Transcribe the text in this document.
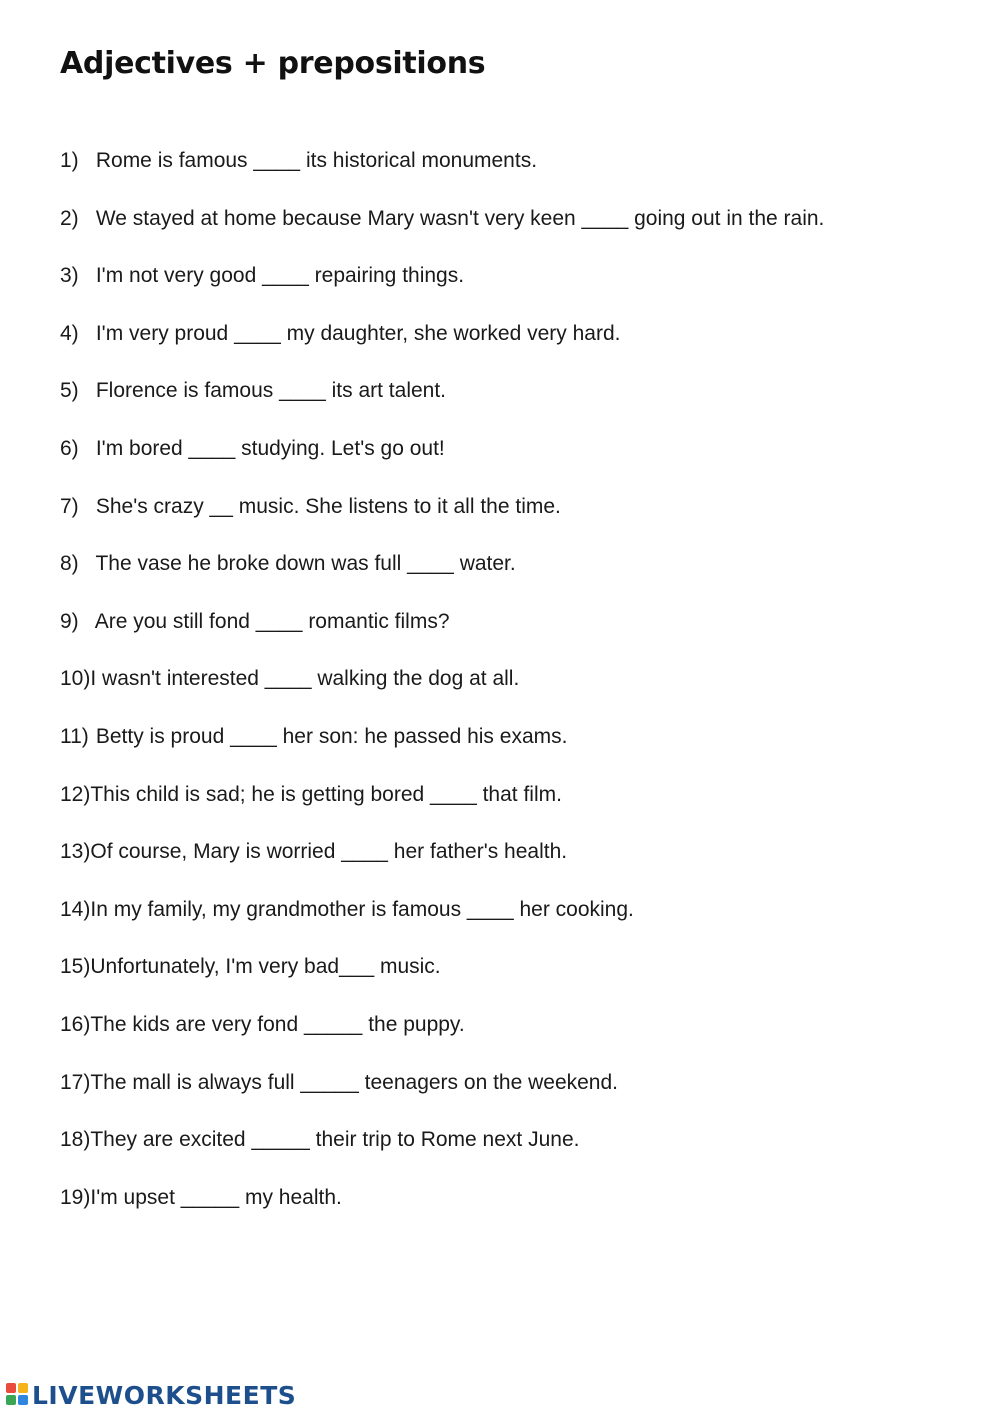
Adjectives + prepositions
1) Rome is famous ____ its historical monuments.
2) We stayed at home because Mary wasn't very keen ____ going out in the rain.
3) I'm not very good ____ repairing things.
4) I'm very proud ____ my daughter, she worked very hard.
5) Florence is famous ____ its art talent.
6) I'm bored ____ studying. Let's go out!
7) She's crazy __ music. She listens to it all the time.
8) The vase he broke down was full ____ water.
9) Are you still fond ____ romantic films?
10)I wasn't interested ____ walking the dog at all.
11) Betty is proud ____ her son: he passed his exams.
12)This child is sad; he is getting bored ____ that film.
13)Of course, Mary is worried ____ her father's health.
14)In my family, my grandmother is famous ____ her cooking.
15)Unfortunately, I'm very bad___ music.
16)The kids are very fond _____ the puppy.
17)The mall is always full _____ teenagers on the weekend.
18)They are excited _____ their trip to Rome next June.
19)I'm upset _____ my health.
LIVEWORKSHEETS
